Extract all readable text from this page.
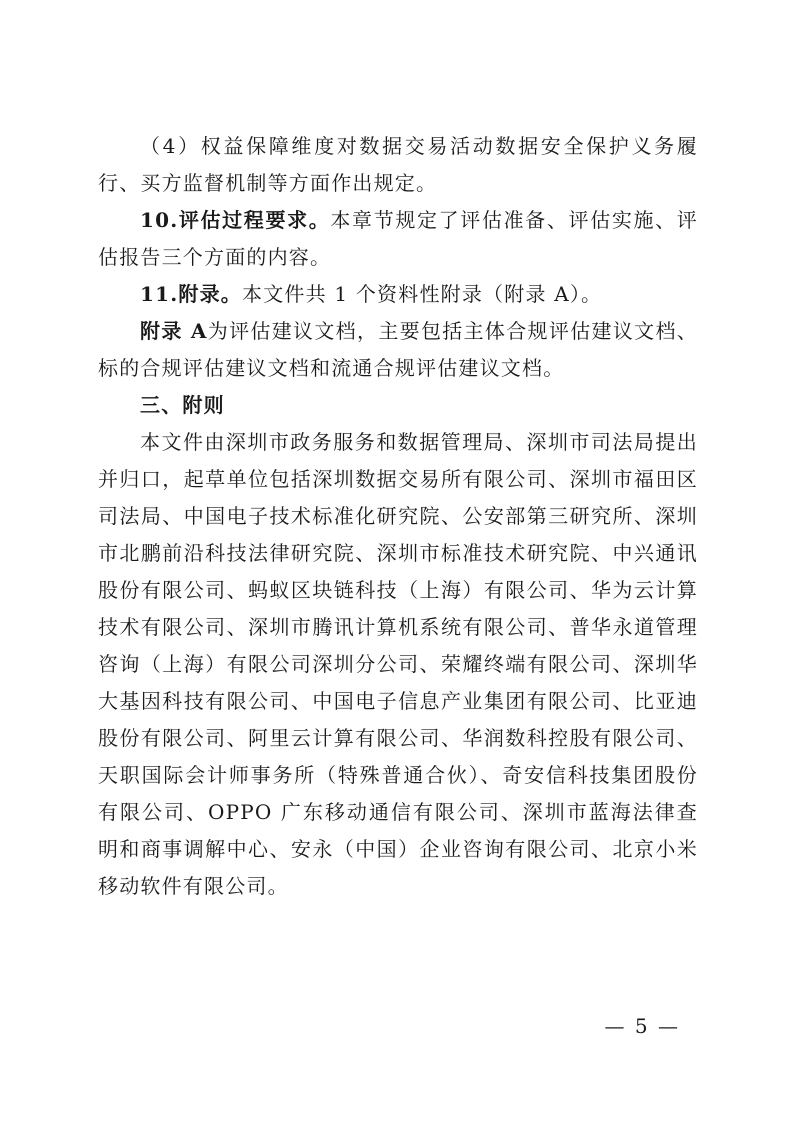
（4）权益保障维度对数据交易活动数据安全保护义务履行、买方监督机制等方面作出规定。

10.评估过程要求。本章节规定了评估准备、评估实施、评估报告三个方面的内容。

11.附录。本文件共 1 个资料性附录（附录 A）。

附录 A为评估建议文档，主要包括主体合规评估建议文档、标的合规评估建议文档和流通合规评估建议文档。

三、附则

本文件由深圳市政务服务和数据管理局、深圳市司法局提出并归口，起草单位包括深圳数据交易所有限公司、深圳市福田区司法局、中国电子技术标准化研究院、公安部第三研究所、深圳市北鹏前沿科技法律研究院、深圳市标准技术研究院、中兴通讯股份有限公司、蚂蚁区块链科技（上海）有限公司、华为云计算技术有限公司、深圳市腾讯计算机系统有限公司、普华永道管理咨询（上海）有限公司深圳分公司、荣耀终端有限公司、深圳华大基因科技有限公司、中国电子信息产业集团有限公司、比亚迪股份有限公司、阿里云计算有限公司、华润数科控股有限公司、天职国际会计师事务所（特殊普通合伙）、奇安信科技集团股份有限公司、OPPO 广东移动通信有限公司、深圳市蓝海法律查明和商事调解中心、安永（中国）企业咨询有限公司、北京小米移动软件有限公司。

— 5 —
